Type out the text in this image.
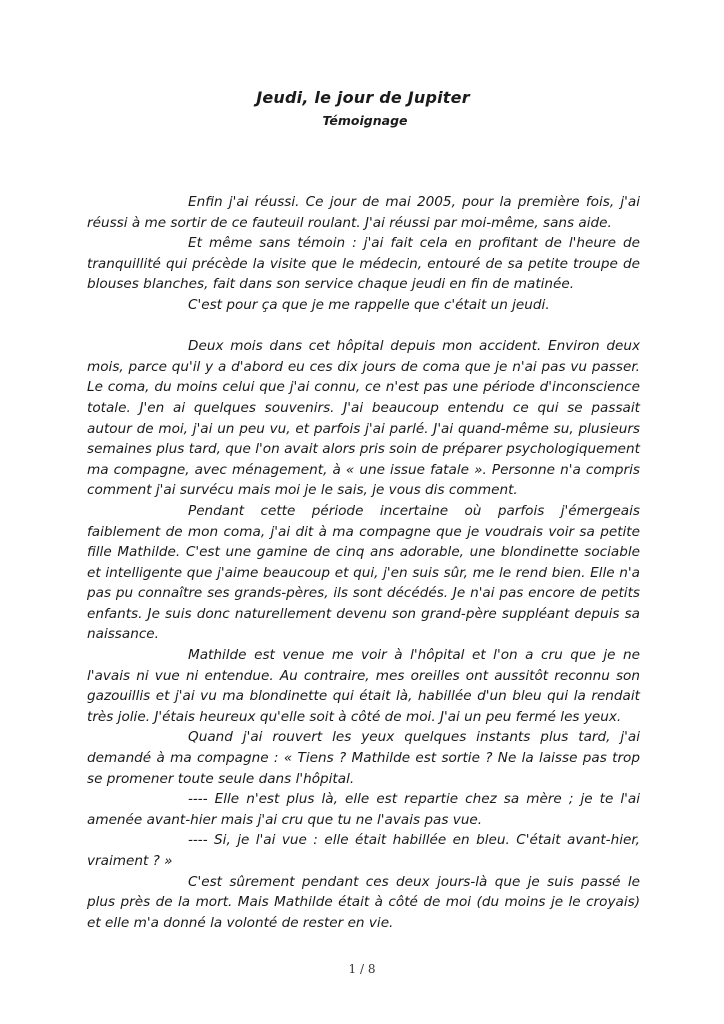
Jeudi, le jour de Jupiter
Témoignage

Enfin j'ai réussi. Ce jour de mai 2005, pour la première fois, j'ai réussi à me sortir de ce fauteuil roulant. J'ai réussi par moi-même, sans aide.

Et même sans témoin : j'ai fait cela en profitant de l'heure de tranquillité qui précède la visite que le médecin, entouré de sa petite troupe de blouses blanches, fait dans son service chaque jeudi en fin de matinée.

C'est pour ça que je me rappelle que c'était un jeudi.

Deux mois dans cet hôpital depuis mon accident. Environ deux mois, parce qu'il y a d'abord eu ces dix jours de coma que je n'ai pas vu passer. Le coma, du moins celui que j'ai connu, ce n'est pas une période d'inconscience totale. J'en ai quelques souvenirs. J'ai beaucoup entendu ce qui se passait autour de moi, j'ai un peu vu, et parfois j'ai parlé. J'ai quand-même su, plusieurs semaines plus tard, que l'on avait alors pris soin de préparer psychologiquement ma compagne, avec ménagement, à « une issue fatale ». Personne n'a compris comment j'ai survécu mais moi je le sais, je vous dis comment.

Pendant cette période incertaine où parfois j'émergeais faiblement de mon coma, j'ai dit à ma compagne que je voudrais voir sa petite fille Mathilde. C'est une gamine de cinq ans adorable, une blondinette sociable et intelligente que j'aime beaucoup et qui, j'en suis sûr, me le rend bien. Elle n'a pas pu connaître ses grands-pères, ils sont décédés. Je n'ai pas encore de petits enfants. Je suis donc naturellement devenu son grand-père suppléant depuis sa naissance.

Mathilde est venue me voir à l'hôpital et l'on a cru que je ne l'avais ni vue ni entendue. Au contraire, mes oreilles ont aussitôt reconnu son gazouillis et j'ai vu ma blondinette qui était là, habillée d'un bleu qui la rendait très jolie. J'étais heureux qu'elle soit à côté de moi. J'ai un peu fermé les yeux.

Quand j'ai rouvert les yeux quelques instants plus tard, j'ai demandé à ma compagne : « Tiens ? Mathilde est sortie ? Ne la laisse pas trop se promener toute seule dans l'hôpital.

---- Elle n'est plus là, elle est repartie chez sa mère ; je te l'ai amenée avant-hier mais j'ai cru que tu ne l'avais pas vue.

---- Si, je l'ai vue : elle était habillée en bleu. C'était avant-hier, vraiment ? »

C'est sûrement pendant ces deux jours-là que je suis passé le plus près de la mort. Mais Mathilde était à côté de moi (du moins je le croyais) et elle m'a donné la volonté de rester en vie.

1 / 8
